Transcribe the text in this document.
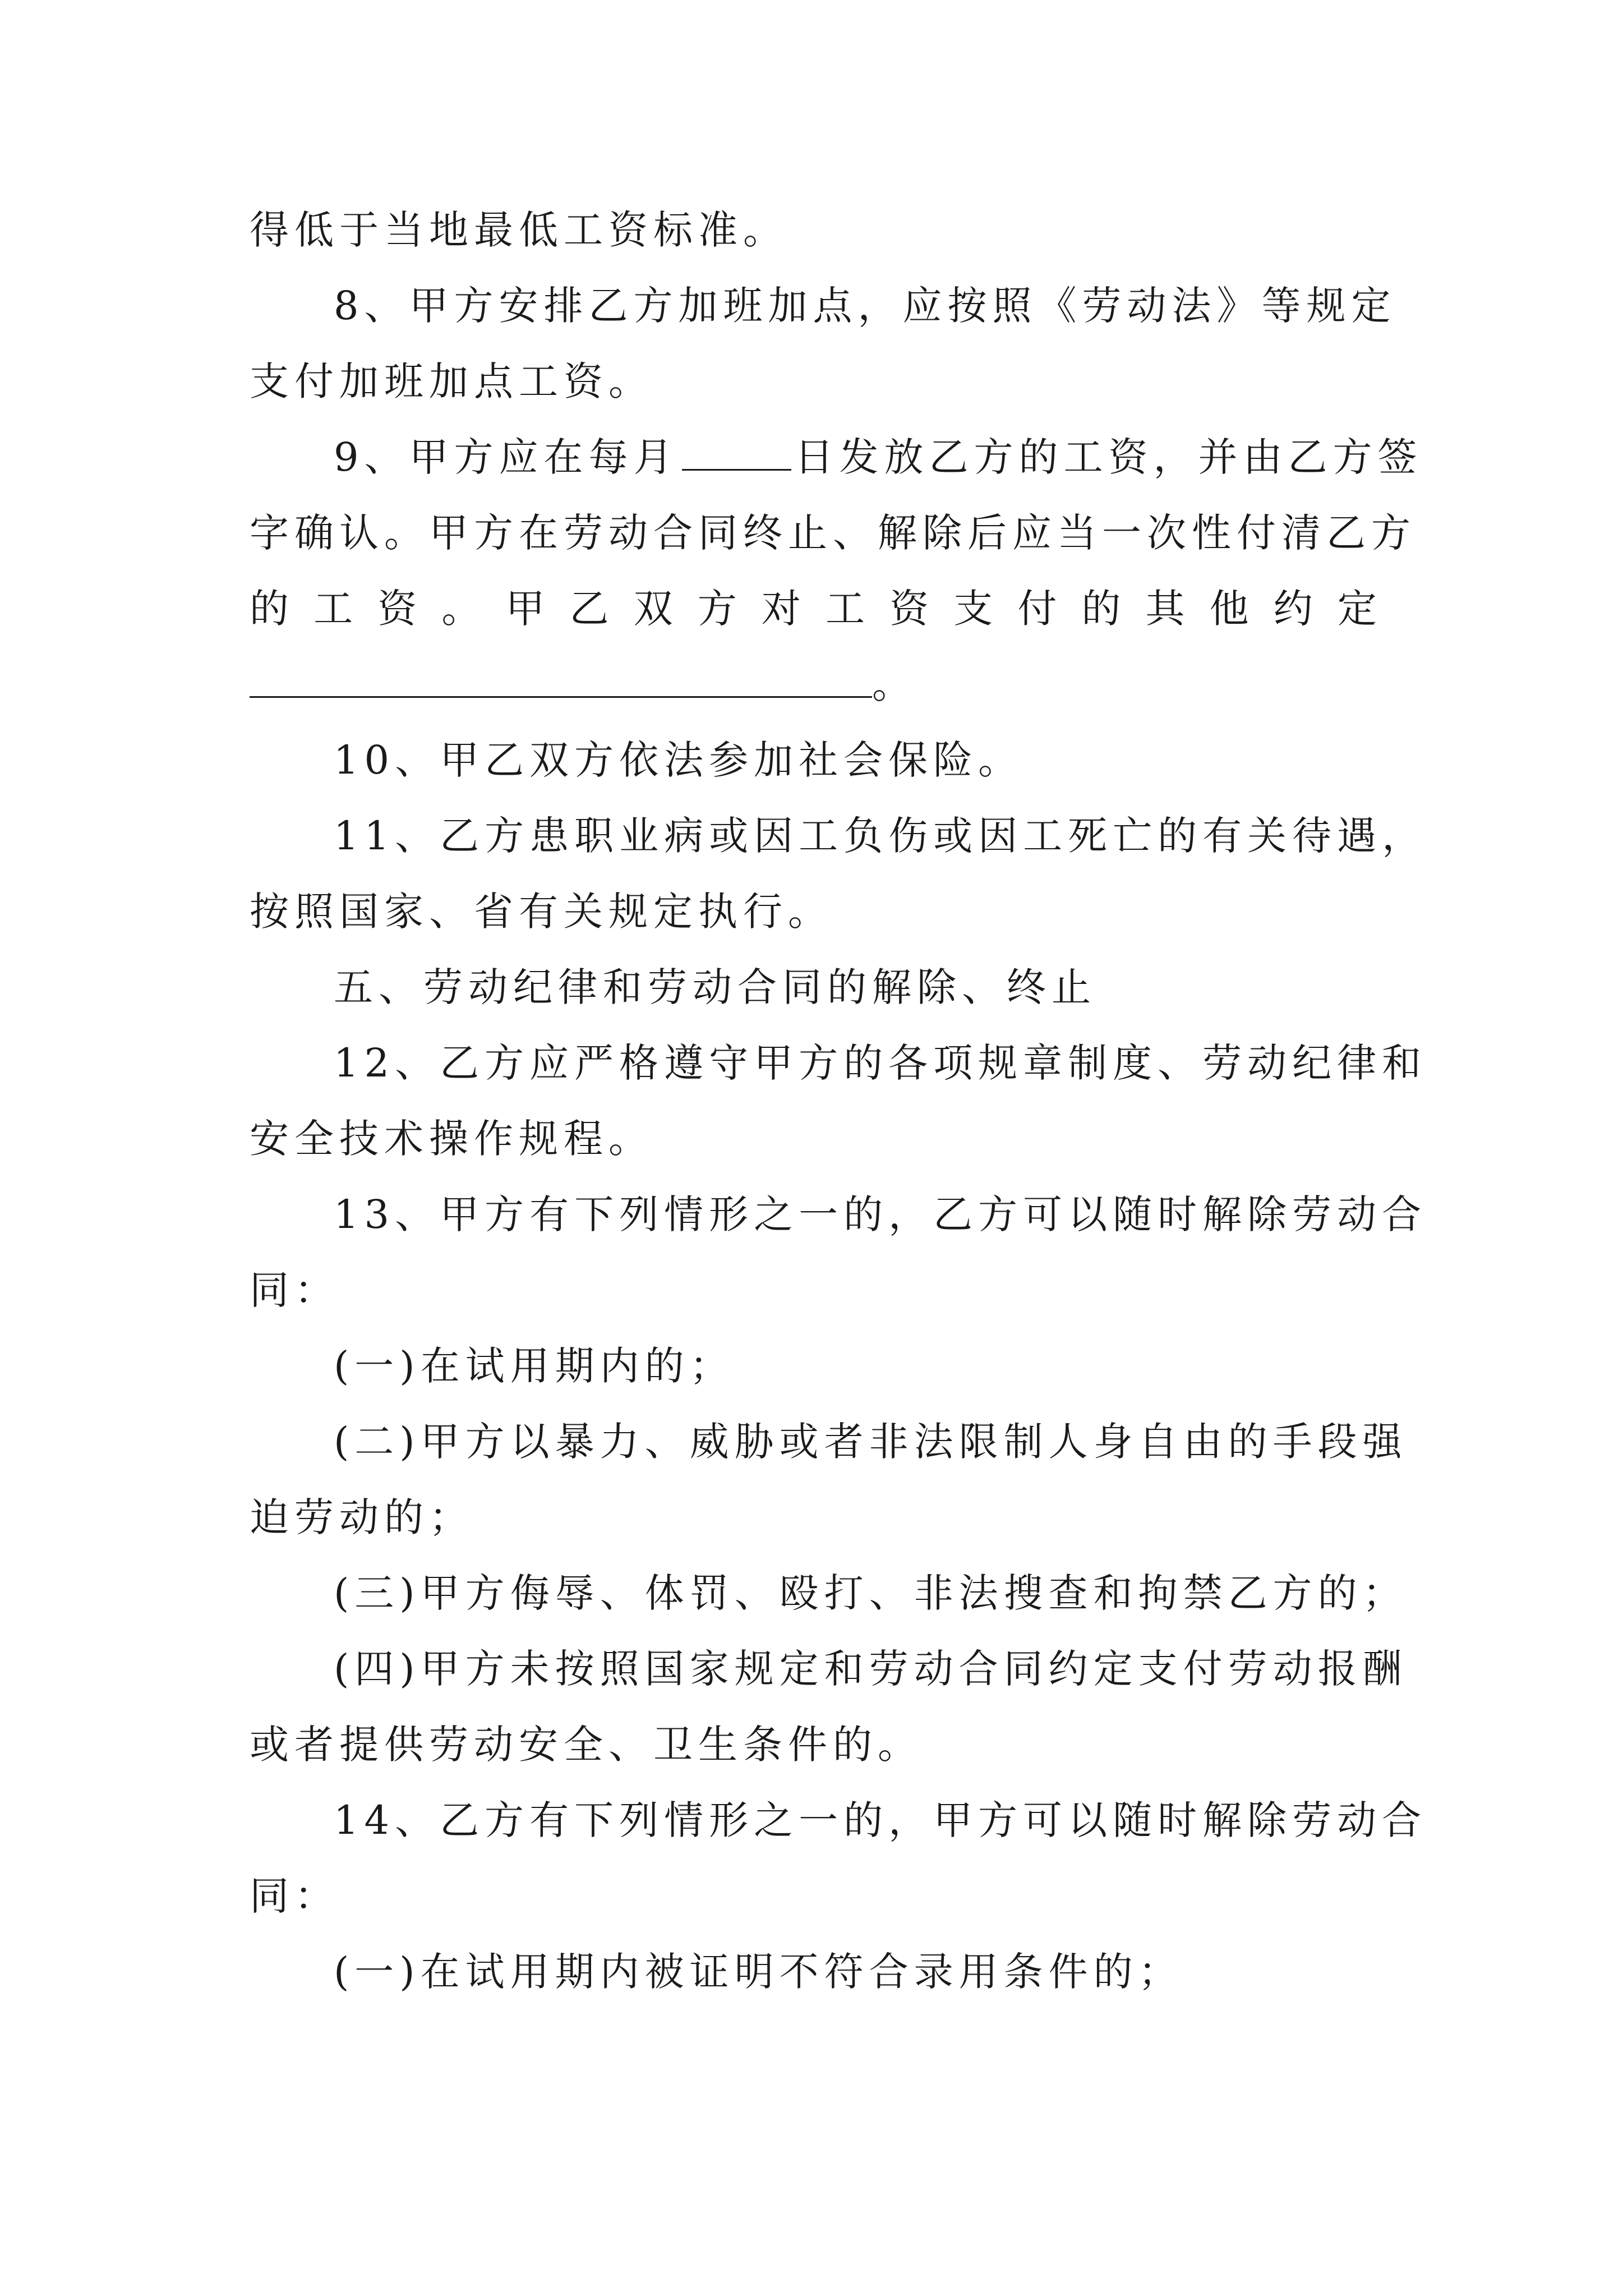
得低于当地最低工资标准。
8、甲方安排乙方加班加点，应按照《劳动法》等规定
支付加班加点工资。
9、甲方应在每月	日发放乙方的工资，并由乙方签
字确认。甲方在劳动合同终止、解除后应当一次性付清乙方
的 工 资 。 甲 乙 双 方 对 工 资 支 付 的 其 他 约 定
。
10、甲乙双方依法参加社会保险。
11、乙方患职业病或因工负伤或因工死亡的有关待遇，
按照国家、省有关规定执行。
五、劳动纪律和劳动合同的解除、终止
12、乙方应严格遵守甲方的各项规章制度、劳动纪律和
安全技术操作规程。
13、甲方有下列情形之一的，乙方可以随时解除劳动合
同：
(一)在试用期内的；
(二)甲方以暴力、威胁或者非法限制人身自由的手段强
迫劳动的；
(三)甲方侮辱、体罚、殴打、非法搜查和拘禁乙方的；
(四)甲方未按照国家规定和劳动合同约定支付劳动报酬
或者提供劳动安全、卫生条件的。
14、乙方有下列情形之一的，甲方可以随时解除劳动合
同：
(一)在试用期内被证明不符合录用条件的；
